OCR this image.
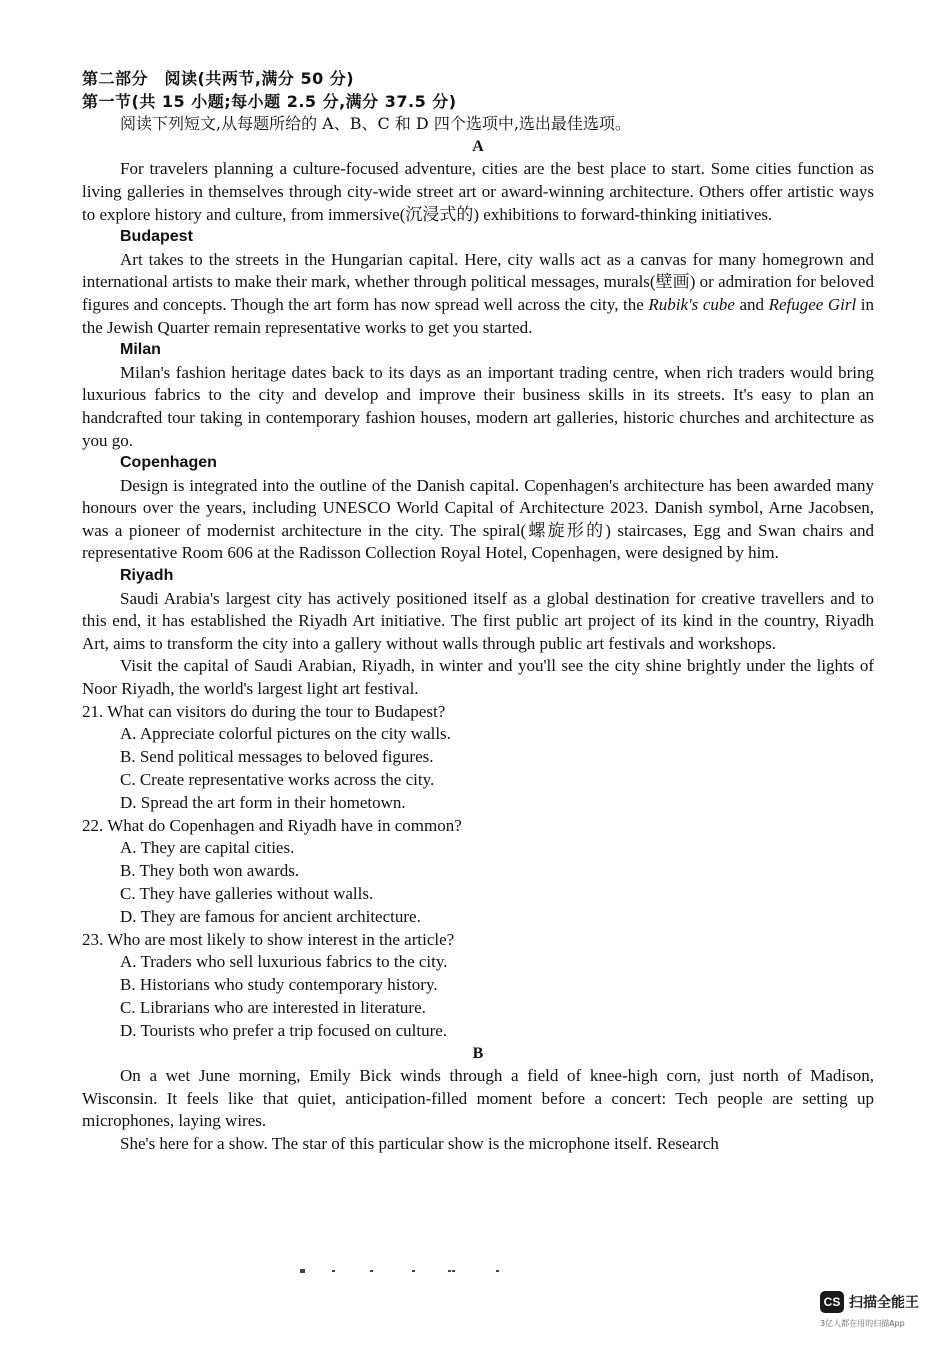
第二部分　阅读(共两节,满分 50 分)
第一节(共 15 小题;每小题 2.5 分,满分 37.5 分)
阅读下列短文,从每题所给的 A、B、C 和 D 四个选项中,选出最佳选项。
A
For travelers planning a culture-focused adventure, cities are the best place to start. Some cities function as living galleries in themselves through city-wide street art or award-winning architecture. Others offer artistic ways to explore history and culture, from immersive(沉浸式的) exhibitions to forward-thinking initiatives.
Budapest
Art takes to the streets in the Hungarian capital. Here, city walls act as a canvas for many homegrown and international artists to make their mark, whether through political messages, murals(壁画) or admiration for beloved figures and concepts. Though the art form has now spread well across the city, the Rubik's cube and Refugee Girl in the Jewish Quarter remain representative works to get you started.
Milan
Milan's fashion heritage dates back to its days as an important trading centre, when rich traders would bring luxurious fabrics to the city and develop and improve their business skills in its streets. It's easy to plan an handcrafted tour taking in contemporary fashion houses, modern art galleries, historic churches and architecture as you go.
Copenhagen
Design is integrated into the outline of the Danish capital. Copenhagen's architecture has been awarded many honours over the years, including UNESCO World Capital of Architecture 2023. Danish symbol, Arne Jacobsen, was a pioneer of modernist architecture in the city. The spiral(螺旋形的) staircases, Egg and Swan chairs and representative Room 606 at the Radisson Collection Royal Hotel, Copenhagen, were designed by him.
Riyadh
Saudi Arabia's largest city has actively positioned itself as a global destination for creative travellers and to this end, it has established the Riyadh Art initiative. The first public art project of its kind in the country, Riyadh Art, aims to transform the city into a gallery without walls through public art festivals and workshops.
Visit the capital of Saudi Arabian, Riyadh, in winter and you'll see the city shine brightly under the lights of Noor Riyadh, the world's largest light art festival.
21. What can visitors do during the tour to Budapest?
A. Appreciate colorful pictures on the city walls.
B. Send political messages to beloved figures.
C. Create representative works across the city.
D. Spread the art form in their hometown.
22. What do Copenhagen and Riyadh have in common?
A. They are capital cities.
B. They both won awards.
C. They have galleries without walls.
D. They are famous for ancient architecture.
23. Who are most likely to show interest in the article?
A. Traders who sell luxurious fabrics to the city.
B. Historians who study contemporary history.
C. Librarians who are interested in literature.
D. Tourists who prefer a trip focused on culture.
B
On a wet June morning, Emily Bick winds through a field of knee-high corn, just north of Madison, Wisconsin. It feels like that quiet, anticipation-filled moment before a concert: Tech people are setting up microphones, laying wires.
She's here for a show. The star of this particular show is the microphone itself. Research
CS 扫描全能王
3亿人都在用的扫描App
